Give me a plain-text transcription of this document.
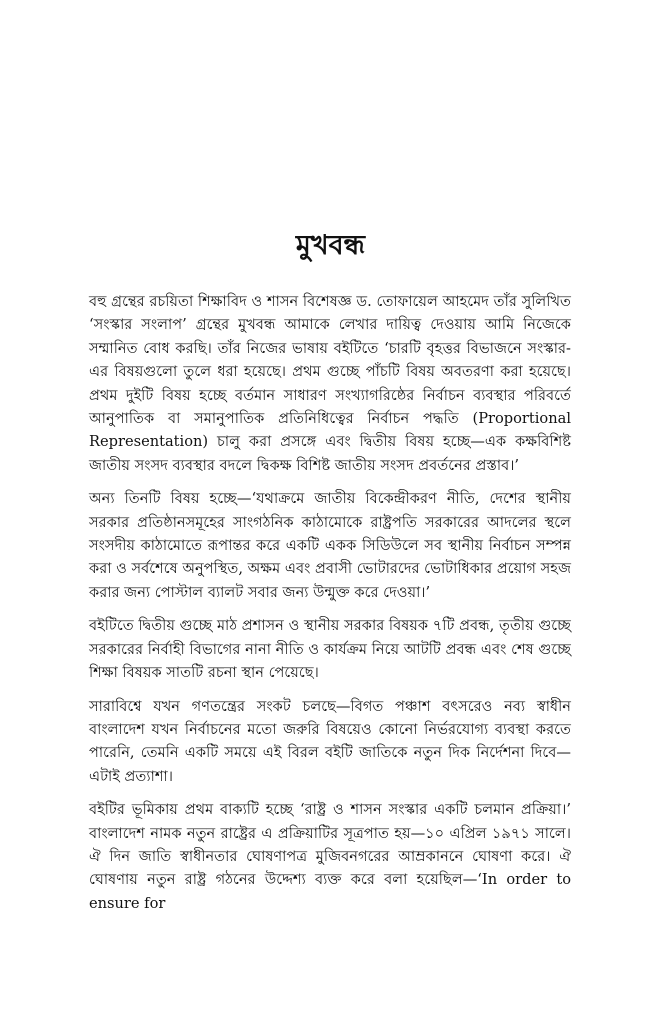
মুখবন্ধ

বহু গ্রন্থের রচয়িতা শিক্ষাবিদ ও শাসন বিশেষজ্ঞ ড. তোফায়েল আহমেদ তাঁর সুলিখিত ‘সংস্কার সংলাপ’ গ্রন্থের মুখবন্ধ আমাকে লেখার দায়িত্ব দেওয়ায় আমি নিজেকে সম্মানিত বোধ করছি। তাঁর নিজের ভাষায় বইটিতে ‘চারটি বৃহত্তর বিভাজনে সংস্কার-এর বিষয়গুলো তুলে ধরা হয়েছে। প্রথম গুচ্ছে পাঁচটি বিষয় অবতরণা করা হয়েছে। প্রথম দুইটি বিষয় হচ্ছে বর্তমান সাধারণ সংখ্যাগরিষ্ঠের নির্বাচন ব্যবস্থার পরিবর্তে আনুপাতিক বা সমানুপাতিক প্রতিনিধিত্বের নির্বাচন পদ্ধতি (Proportional Representation) চালু করা প্রসঙ্গে এবং দ্বিতীয় বিষয় হচ্ছে—এক কক্ষবিশিষ্ট জাতীয় সংসদ ব্যবস্থার বদলে দ্বিকক্ষ বিশিষ্ট জাতীয় সংসদ প্রবর্তনের প্রস্তাব।’

অন্য তিনটি বিষয় হচ্ছে—‘যথাক্রমে জাতীয় বিকেন্দ্রীকরণ নীতি, দেশের স্থানীয় সরকার প্রতিষ্ঠানসমূহের সাংগঠনিক কাঠামোকে রাষ্ট্রপতি সরকারের আদলের স্থলে সংসদীয় কাঠামোতে রূপান্তর করে একটি একক সিডিউলে সব স্থানীয় নির্বাচন সম্পন্ন করা ও সর্বশেষে অনুপস্থিত, অক্ষম এবং প্রবাসী ভোটারদের ভোটাধিকার প্রয়োগ সহজ করার জন্য পোস্টাল ব্যালট সবার জন্য উন্মুক্ত করে দেওয়া।’

বইটিতে দ্বিতীয় গুচ্ছে মাঠ প্রশাসন ও স্থানীয় সরকার বিষয়ক ৭টি প্রবন্ধ, তৃতীয় গুচ্ছে সরকারের নির্বাহী বিভাগের নানা নীতি ও কার্যক্রম নিয়ে আটটি প্রবন্ধ এবং শেষ গুচ্ছে শিক্ষা বিষয়ক সাতটি রচনা স্থান পেয়েছে।

সারাবিশ্বে যখন গণতন্ত্রের সংকট চলছে—বিগত পঞ্চাশ বৎসরেও নব্য স্বাধীন বাংলাদেশ যখন নির্বাচনের মতো জরুরি বিষয়েও কোনো নির্ভরযোগ্য ব্যবস্থা করতে পারেনি, তেমনি একটি সময়ে এই বিরল বইটি জাতিকে নতুন দিক নির্দেশনা দিবে—এটাই প্রত্যাশা।

বইটির ভূমিকায় প্রথম বাক্যটি হচ্ছে ‘রাষ্ট্র ও শাসন সংস্কার একটি চলমান প্রক্রিয়া।’ বাংলাদেশ নামক নতুন রাষ্ট্রের এ প্রক্রিয়াটির সূত্রপাত হয়—১০ এপ্রিল ১৯৭১ সালে। ঐ দিন জাতি স্বাধীনতার ঘোষণাপত্র মুজিবনগরের আম্রকাননে ঘোষণা করে। ঐ ঘোষণায় নতুন রাষ্ট্র গঠনের উদ্দেশ্য ব্যক্ত করে বলা হয়েছিল—‘In order to ensure for
